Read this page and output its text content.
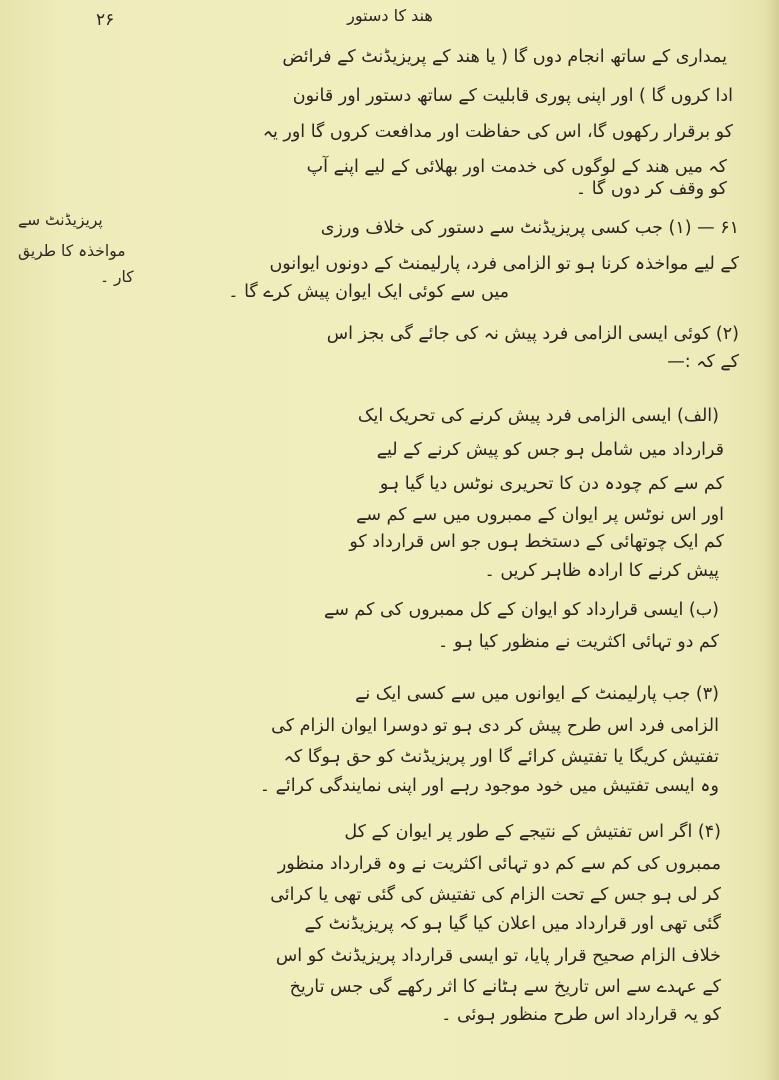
۲۶	ھند کا دستور
یمداری کے ساتھ انجام دوں گا ( یا ھند کے پریزیڈنٹ کے فرائض
ادا کروں گا ) اور اپنی پوری قابلیت کے ساتھ دستور اور قانون
کو برقرار رکھوں گا، اس کی حفاظت اور مدافعت کروں گا اور یہ
کہ میں ھند کے لوگوں کی خدمت اور بھلائی کے لیے اپنے آپ
کو وقف کر دوں گا ۔
پریزیڈنٹ سے
مواخذہ کا طریق
کار ۔
۶۱ — (۱) جب کسی پریزیڈنٹ سے دستور کی خلاف ورزی
کے لیے مواخذہ کرنا ہو تو الزامی فرد، پارلیمنٹ کے دونوں ایوانوں
میں سے کوئی ایک ایوان پیش کرے گا ۔
(۲) کوئی ایسی الزامی فرد پیش نہ کی جائے گی بجز اس
کے کہ :—
(الف) ایسی الزامی فرد پیش کرنے کی تحریک ایک
قرارداد میں شامل ہو جس کو پیش کرنے کے لیے
کم سے کم چودہ دن کا تحریری نوٹس دیا گیا ہو
اور اس نوٹس پر ایوان کے ممبروں میں سے کم سے
کم ایک چوتھائی کے دستخط ہوں جو اس قرارداد کو
پیش کرنے کا ارادہ ظاہر کریں ۔
(ب) ایسی قرارداد کو ایوان کے کل ممبروں کی کم سے
کم دو تہائی اکثریت نے منظور کیا ہو ۔
(۳) جب پارلیمنٹ کے ایوانوں میں سے کسی ایک نے
الزامی فرد اس طرح پیش کر دی ہو تو دوسرا ایوان الزام کی
تفتیش کریگا یا تفتیش کرائے گا اور پریزیڈنٹ کو حق ہوگا کہ
وہ ایسی تفتیش میں خود موجود رہے اور اپنی نمایندگی کرائے ۔
(۴) اگر اس تفتیش کے نتیجے کے طور پر ایوان کے کل
ممبروں کی کم سے کم دو تہائی اکثریت نے وہ قرارداد منظور
کر لی ہو جس کے تحت الزام کی تفتیش کی گئی تھی یا کرائی
گئی تھی اور قرارداد میں اعلان کیا گیا ہو کہ پریزیڈنٹ کے
خلاف الزام صحیح قرار پایا، تو ایسی قرارداد پریزیڈنٹ کو اس
کے عہدے سے اس تاریخ سے ہٹانے کا اثر رکھے گی جس تاریخ
کو یہ قرارداد اس طرح منظور ہوئی ۔
